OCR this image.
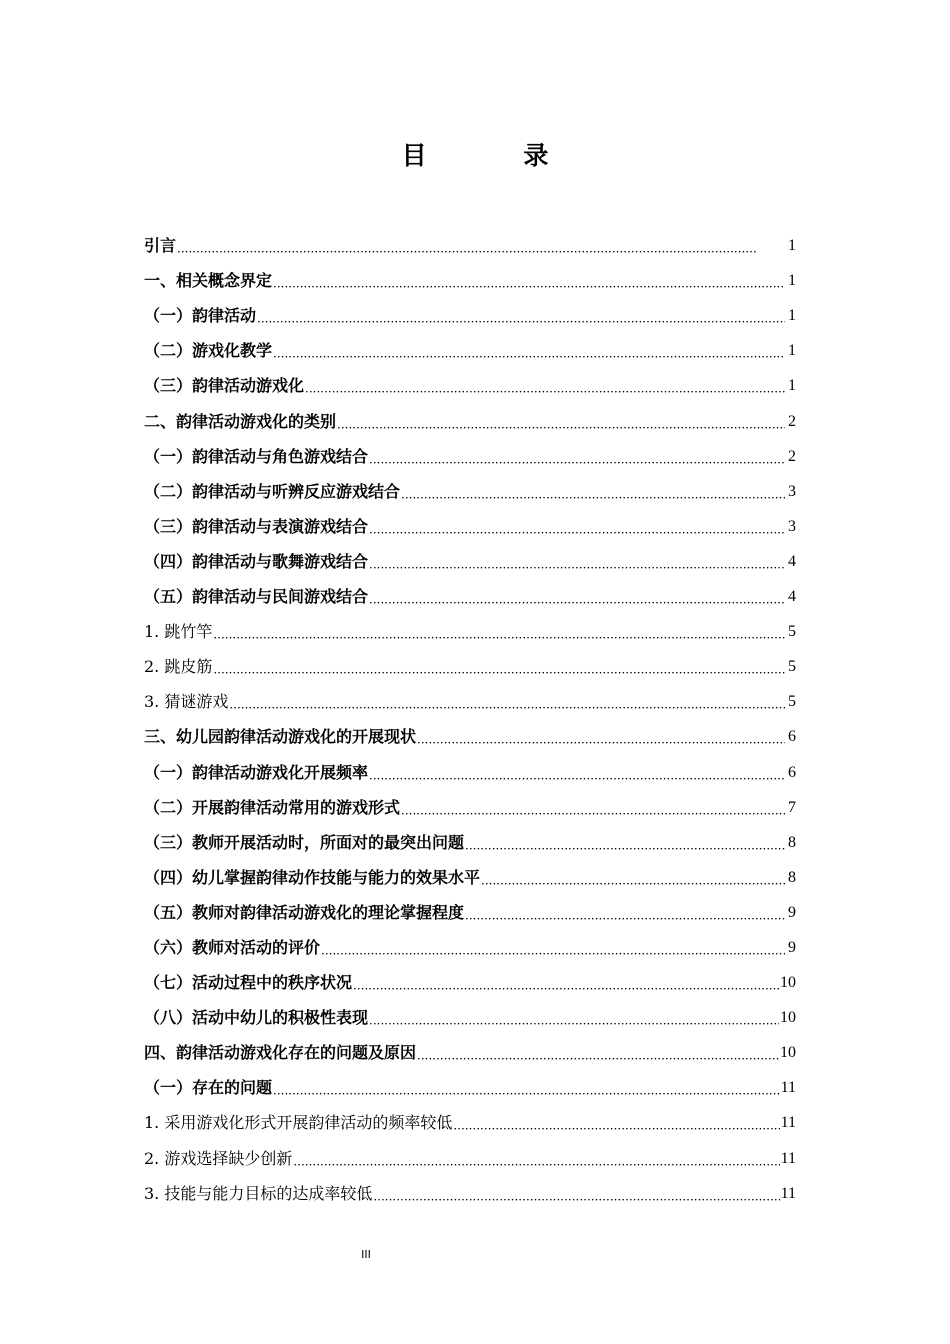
目 录
引言 ·····	1
一、相关概念界定 ·····	1
（一）韵律活动 ·····	1
（二）游戏化教学 ·····	1
（三）韵律活动游戏化 ·····	1
二、韵律活动游戏化的类别 ·····	2
（一）韵律活动与角色游戏结合 ·····	2
（二）韵律活动与听辨反应游戏结合 ·····	3
（三）韵律活动与表演游戏结合 ·····	3
（四）韵律活动与歌舞游戏结合 ·····	4
（五）韵律活动与民间游戏结合 ·····	4
1. 跳竹竿 ·····	5
2. 跳皮筋 ·····	5
3. 猜谜游戏 ·····	5
三、幼儿园韵律活动游戏化的开展现状 ·····	6
（一）韵律活动游戏化开展频率 ·····	6
（二）开展韵律活动常用的游戏形式 ·····	7
（三）教师开展活动时，所面对的最突出问题 ·····	8
（四）幼儿掌握韵律动作技能与能力的效果水平 ·····	8
（五）教师对韵律活动游戏化的理论掌握程度 ·····	9
（六）教师对活动的评价 ·····	9
（七）活动过程中的秩序状况 ·····	10
（八）活动中幼儿的积极性表现 ·····	10
四、韵律活动游戏化存在的问题及原因 ·····	10
（一）存在的问题 ·····	11
1. 采用游戏化形式开展韵律活动的频率较低 ·····	11
2. 游戏选择缺少创新 ·····	11
3. 技能与能力目标的达成率较低 ·····	11
III
